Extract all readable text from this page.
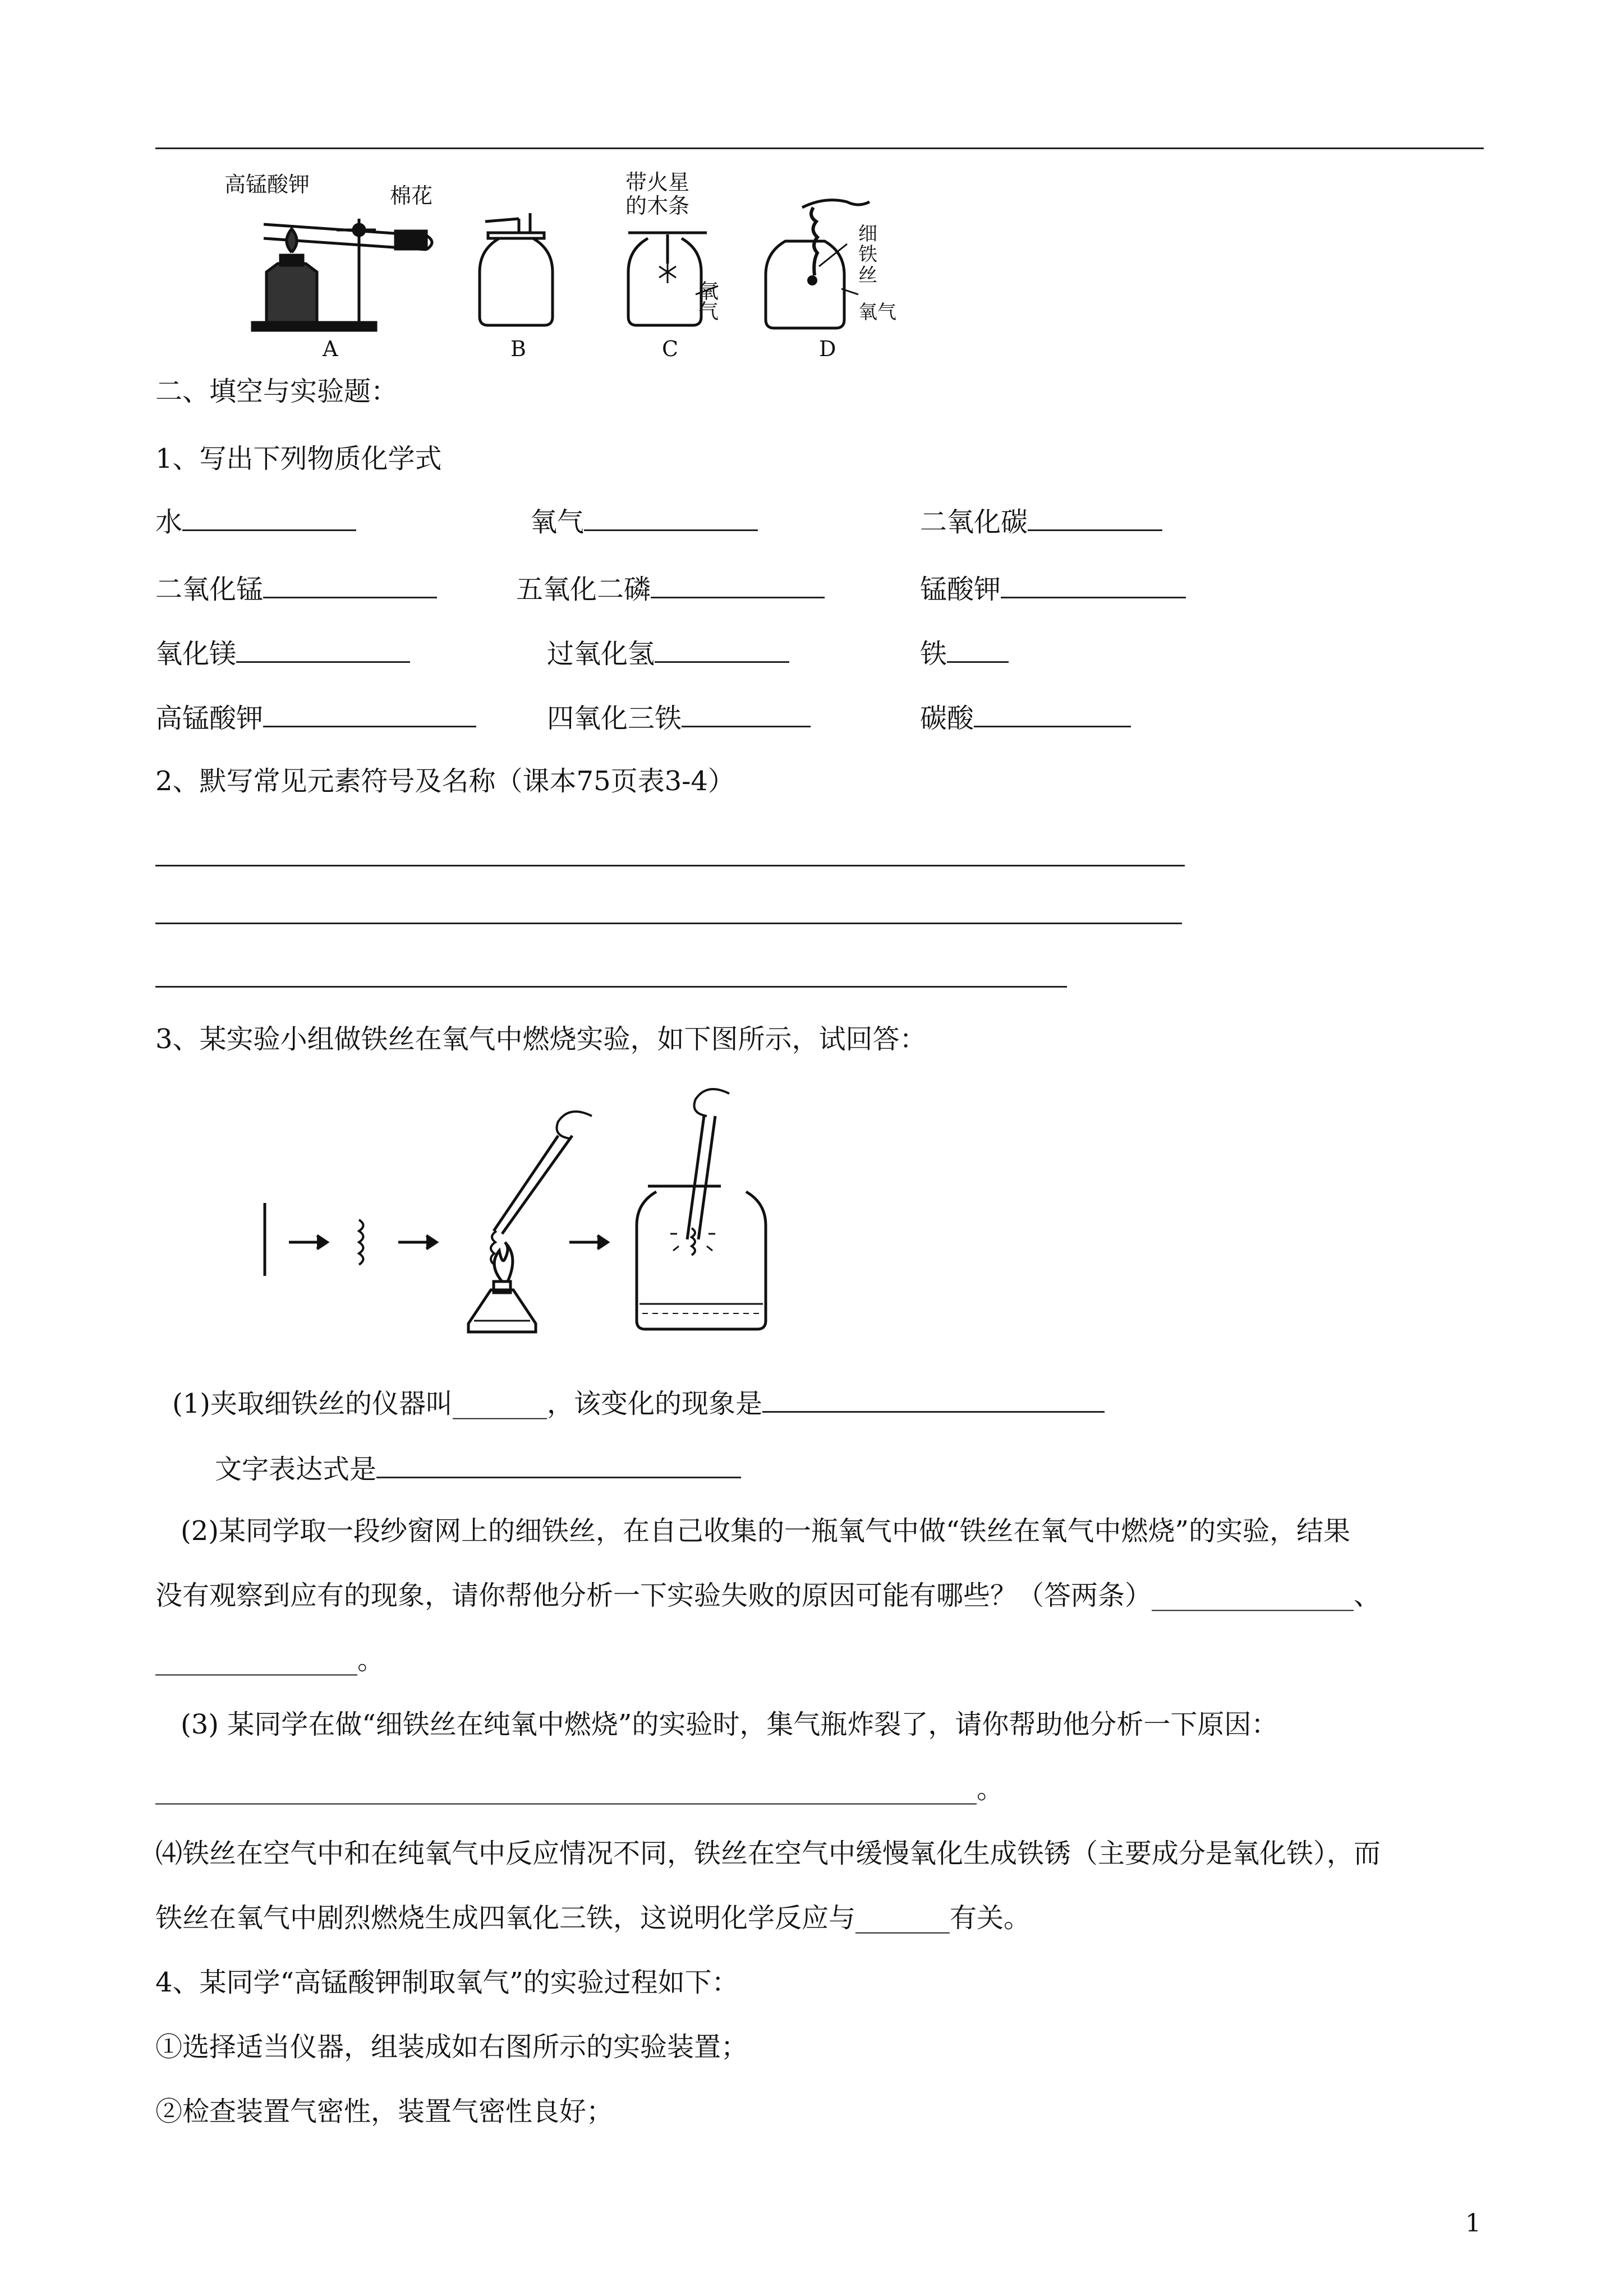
高锰酸钾	棉花
带火星
的木条
氧气
细
铁
丝
氧气
A	B	C	D
二、填空与实验题：
1、写出下列物质化学式
水	氧气	二氧化碳
二氧化锰	五氧化二磷	锰酸钾
氧化镁	过氧化氢	铁
高锰酸钾	四氧化三铁	碳酸
2、默写常见元素符号及名称（课本75页表3-4）
3、某实验小组做铁丝在氧气中燃烧实验，如下图所示，试回答：
(1)夹取细铁丝的仪器叫_______，该变化的现象是
文字表达式是
(2)某同学取一段纱窗网上的细铁丝，在自己收集的一瓶氧气中做“铁丝在氧气中燃烧”的实验，结果
没有观察到应有的现象，请你帮他分析一下实验失败的原因可能有哪些？（答两条）_______________、
_______________。
(3) 某同学在做“细铁丝在纯氧中燃烧”的实验时，集气瓶炸裂了，请你帮助他分析一下原因：
_____________________________________________________________。
⑷铁丝在空气中和在纯氧气中反应情况不同，铁丝在空气中缓慢氧化生成铁锈（主要成分是氧化铁），而
铁丝在氧气中剧烈燃烧生成四氧化三铁，这说明化学反应与_______有关。
4、某同学“高锰酸钾制取氧气”的实验过程如下：
①选择适当仪器，组装成如右图所示的实验装置；
②检查装置气密性，装置气密性良好；
1
